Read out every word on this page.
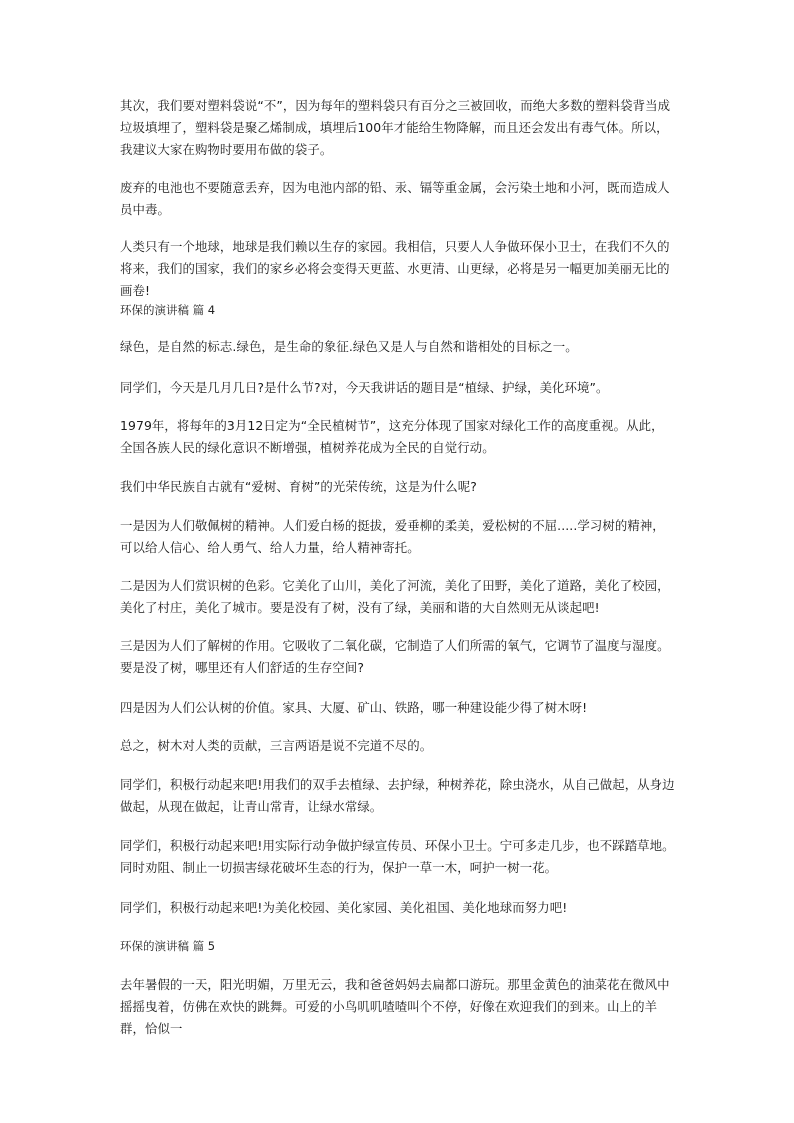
其次，我们要对塑料袋说“不”，因为每年的塑料袋只有百分之三被回收，而绝大多数的塑料袋背当成垃圾填埋了，塑料袋是聚乙烯制成，填埋后100年才能给生物降解，而且还会发出有毒气体。所以，我建议大家在购物时要用布做的袋子。

废弃的电池也不要随意丢弃，因为电池内部的铅、汞、镉等重金属，会污染土地和小河，既而造成人员中毒。

人类只有一个地球，地球是我们赖以生存的家园。我相信，只要人人争做环保小卫士，在我们不久的将来，我们的国家，我们的家乡必将会变得天更蓝、水更清、山更绿，必将是另一幅更加美丽无比的画卷!

环保的演讲稿 篇 4

绿色，是自然的标志.绿色，是生命的象征.绿色又是人与自然和谐相处的目标之一。

同学们，今天是几月几日?是什么节?对，今天我讲话的题目是“植绿、护绿，美化环境”。

1979年，将每年的3月12日定为“全民植树节”，这充分体现了国家对绿化工作的高度重视。从此，全国各族人民的绿化意识不断增强，植树养花成为全民的自觉行动。

我们中华民族自古就有“爱树、育树”的光荣传统，这是为什么呢?

一是因为人们敬佩树的精神。人们爱白杨的挺拔，爱垂柳的柔美，爱松树的不屈.....学习树的精神，可以给人信心、给人勇气、给人力量，给人精神寄托。

二是因为人们赏识树的色彩。它美化了山川，美化了河流，美化了田野，美化了道路，美化了校园，美化了村庄，美化了城市。要是没有了树，没有了绿，美丽和谐的大自然则无从谈起吧!

三是因为人们了解树的作用。它吸收了二氧化碳，它制造了人们所需的氧气，它调节了温度与湿度。要是没了树，哪里还有人们舒适的生存空间?

四是因为人们公认树的价值。家具、大厦、矿山、铁路，哪一种建设能少得了树木呀!

总之，树木对人类的贡献，三言两语是说不完道不尽的。

同学们，积极行动起来吧!用我们的双手去植绿、去护绿，种树养花，除虫浇水，从自己做起，从身边做起，从现在做起，让青山常青，让绿水常绿。

同学们，积极行动起来吧!用实际行动争做护绿宣传员、环保小卫士。宁可多走几步，也不踩踏草地。同时劝阻、制止一切损害绿花破坏生态的行为，保护一草一木，呵护一树一花。

同学们，积极行动起来吧!为美化校园、美化家园、美化祖国、美化地球而努力吧!

环保的演讲稿 篇 5

去年暑假的一天，阳光明媚，万里无云，我和爸爸妈妈去扁都口游玩。那里金黄色的油菜花在微风中摇摇曳着，仿佛在欢快的跳舞。可爱的小鸟叽叽喳喳叫个不停，好像在欢迎我们的到来。山上的羊群，恰似一
